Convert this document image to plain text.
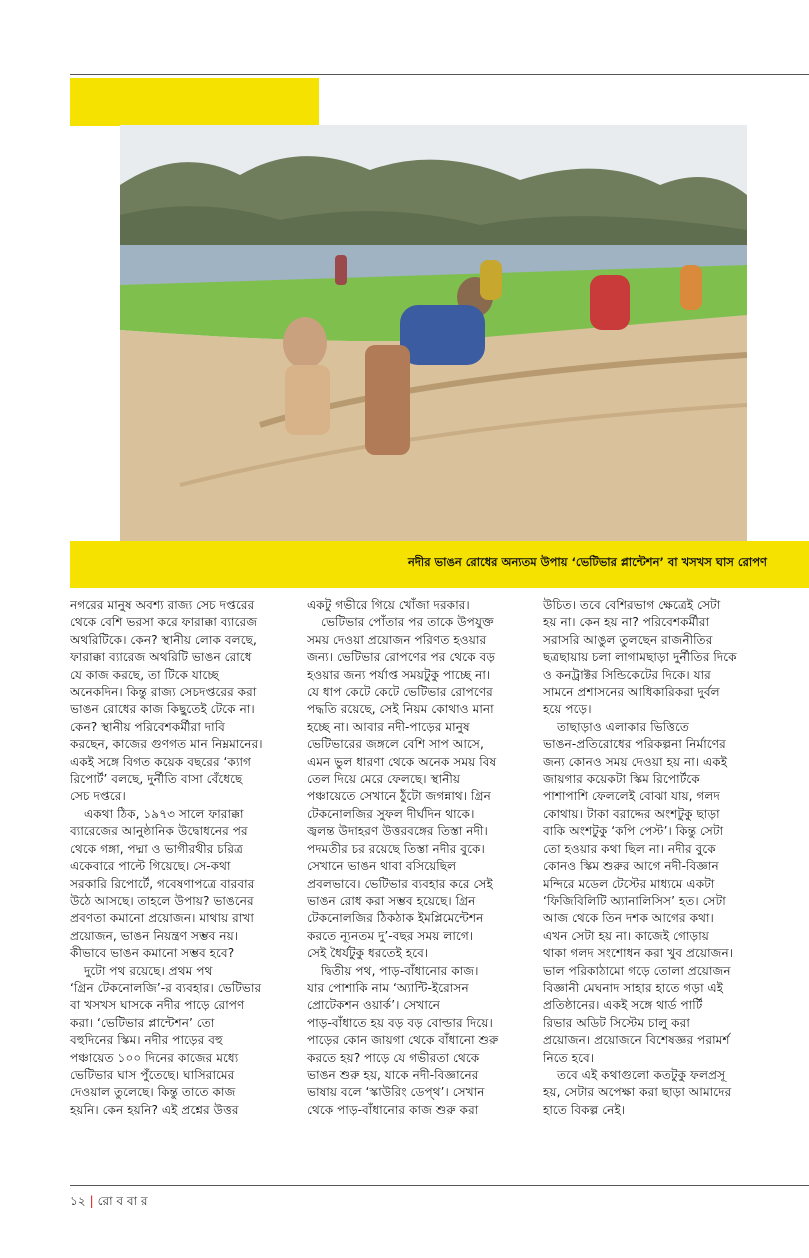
নদীর ভাঙন রোধের অন্যতম উপায় ‘ভেটিভার প্লান্টেশন’ বা খসখস ঘাস রোপণ
নগরের মানুষ অবশ্য রাজ্য সেচ দপ্তরের
থেকে বেশি ভরসা করে ফারাক্কা ব্যারেজ
অথরিটিকে। কেন? স্থানীয় লোক বলছে,
ফারাক্কা ব্যারেজ অথরিটি ভাঙন রোধে
যে কাজ করছে, তা টিকে যাচ্ছে
অনেকদিন। কিন্তু রাজ্য সেচদপ্তরের করা
ভাঙন রোধের কাজ কিছুতেই টেকে না।
কেন? স্থানীয় পরিবেশকর্মীরা দাবি
করছেন, কাজের গুণগত মান নিম্নমানের।
একই সঙ্গে বিগত কয়েক বছরের ‘ক্যাগ
রিপোর্ট’ বলছে, দুর্নীতি বাসা বেঁধেছে
সেচ দপ্তরে।
একথা ঠিক, ১৯৭৩ সালে ফারাক্কা
ব্যারেজের আনুষ্ঠানিক উদ্বোধনের পর
থেকে গঙ্গা, পদ্মা ও ভাগীরথীর চরিত্র
একেবারে পাল্টে গিয়েছে। সে-কথা
সরকারি রিপোর্টে, গবেষণাপত্রে বারবার
উঠে আসছে। তাহলে উপায়? ভাঙনের
প্রবণতা কমানো প্রয়োজন। মাথায় রাখা
প্রয়োজন, ভাঙন নিয়ন্ত্রণ সম্ভব নয়।
কীভাবে ভাঙন কমানো সম্ভব হবে?
দুটো পথ রয়েছে। প্রথম পথ
‘গ্রিন টেকনোলজি’-র ব্যবহার। ভেটিভার
বা খসখস ঘাসকে নদীর পাড়ে রোপণ
করা। ‘ভেটিভার প্লান্টেশন’ তো
বহুদিনের স্কিম। নদীর পাড়ের বহু
পঞ্চায়েত ১০০ দিনের কাজের মধ্যে
ভেটিভার ঘাস পুঁতেছে। ঘাসিরামের
দেওয়াল তুলেছে। কিন্তু তাতে কাজ
হয়নি। কেন হয়নি? এই প্রশ্নের উত্তর
একটু গভীরে গিয়ে খোঁজা দরকার।
ভেটিভার পোঁতার পর তাকে উপযুক্ত
সময় দেওয়া প্রয়োজন পরিণত হওয়ার
জন্য। ভেটিভার রোপণের পর থেকে বড়
হওয়ার জন্য পর্যাপ্ত সময়টুকু পাচ্ছে না।
যে ধাপ কেটে কেটে ভেটিভার রোপণের
পদ্ধতি রয়েছে, সেই নিয়ম কোথাও মানা
হচ্ছে না। আবার নদী-পাড়ের মানুষ
ভেটিভারের জঙ্গলে বেশি সাপ আসে,
এমন ভুল ধারণা থেকে অনেক সময় বিষ
তেল দিয়ে মেরে ফেলছে। স্থানীয়
পঞ্চায়েতে সেখানে ঠুঁটো জগন্নাথ। গ্রিন
টেকনোলজির সুফল দীর্ঘদিন থাকে।
জ্বলন্ত উদাহরণ উত্তরবঙ্গের তিস্তা নদী।
পদমতীর চর রয়েছে তিস্তা নদীর বুকে।
সেখানে ভাঙন থাবা বসিয়েছিল
প্রবলভাবে। ভেটিভার ব্যবহার করে সেই
ভাঙন রোধ করা সম্ভব হয়েছে। গ্রিন
টেকনোলজির ঠিকঠাক ইমপ্লিমেন্টেশন
করতে ন্যূনতম দু’-বছর সময় লাগে।
সেই ধৈর্যটুকু ধরতেই হবে।
দ্বিতীয় পথ, পাড়-বাঁধানোর কাজ।
যার পোশাকি নাম ‘অ্যান্টি-ইরোসন
প্রোটেকশন ওয়ার্ক’। সেখানে
পাড়-বাঁধাতে হয় বড় বড় বোল্ডার দিয়ে।
পাড়ের কোন জায়গা থেকে বাঁধানো শুরু
করতে হয়? পাড়ে যে গভীরতা থেকে
ভাঙন শুরু হয়, যাকে নদী-বিজ্ঞানের
ভাষায় বলে ‘স্কাউরিং ডেপ্থ’। সেখান
থেকে পাড়-বাঁধানোর কাজ শুরু করা
উচিত। তবে বেশিরভাগ ক্ষেত্রেই সেটা
হয় না। কেন হয় না? পরিবেশকর্মীরা
সরাসরি আঙুল তুলছেন রাজনীতির
ছত্রছায়ায় চলা লাগামছাড়া দুর্নীতির দিকে
ও কনট্রাক্টর সিন্ডিকেটের দিকে। যার
সামনে প্রশাসনের আধিকারিকরা দুর্বল
হয়ে পড়ে।
তাছাড়াও এলাকার ভিত্তিতে
ভাঙন-প্রতিরোধের পরিকল্পনা নির্মাণের
জন্য কোনও সময় দেওয়া হয় না। একই
জায়গার কয়েকটা স্কিম রিপোর্টকে
পাশাপাশি ফেললেই বোঝা যায়, গলদ
কোথায়। টাকা বরাদ্দের অংশটুকু ছাড়া
বাকি অংশটুকু ‘কপি পেস্ট’। কিন্তু সেটা
তো হওয়ার কথা ছিল না। নদীর বুকে
কোনও স্কিম শুরুর আগে নদী-বিজ্ঞান
মন্দিরে মডেল টেস্টের মাধ্যমে একটা
‘ফিজিবিলিটি অ্যানালিসিস’ হত। সেটা
আজ থেকে তিন দশক আগের কথা।
এখন সেটা হয় না। কাজেই গোড়ায়
থাকা গলদ সংশোধন করা খুব প্রয়োজন।
ভাল পরিকাঠামো গড়ে তোলা প্রয়োজন
বিজ্ঞানী মেঘনাদ সাহার হাতে গড়া এই
প্রতিষ্ঠানের। একই সঙ্গে থার্ড পার্টি
রিভার অডিট সিস্টেম চালু করা
প্রয়োজন। প্রয়োজনে বিশেষজ্ঞর পরামর্শ
নিতে হবে।
তবে এই কথাগুলো কতটুকু ফলপ্রসূ
হয়, সেটার অপেক্ষা করা ছাড়া আমাদের
হাতে বিকল্প নেই।
১২ | রো ব বা র
